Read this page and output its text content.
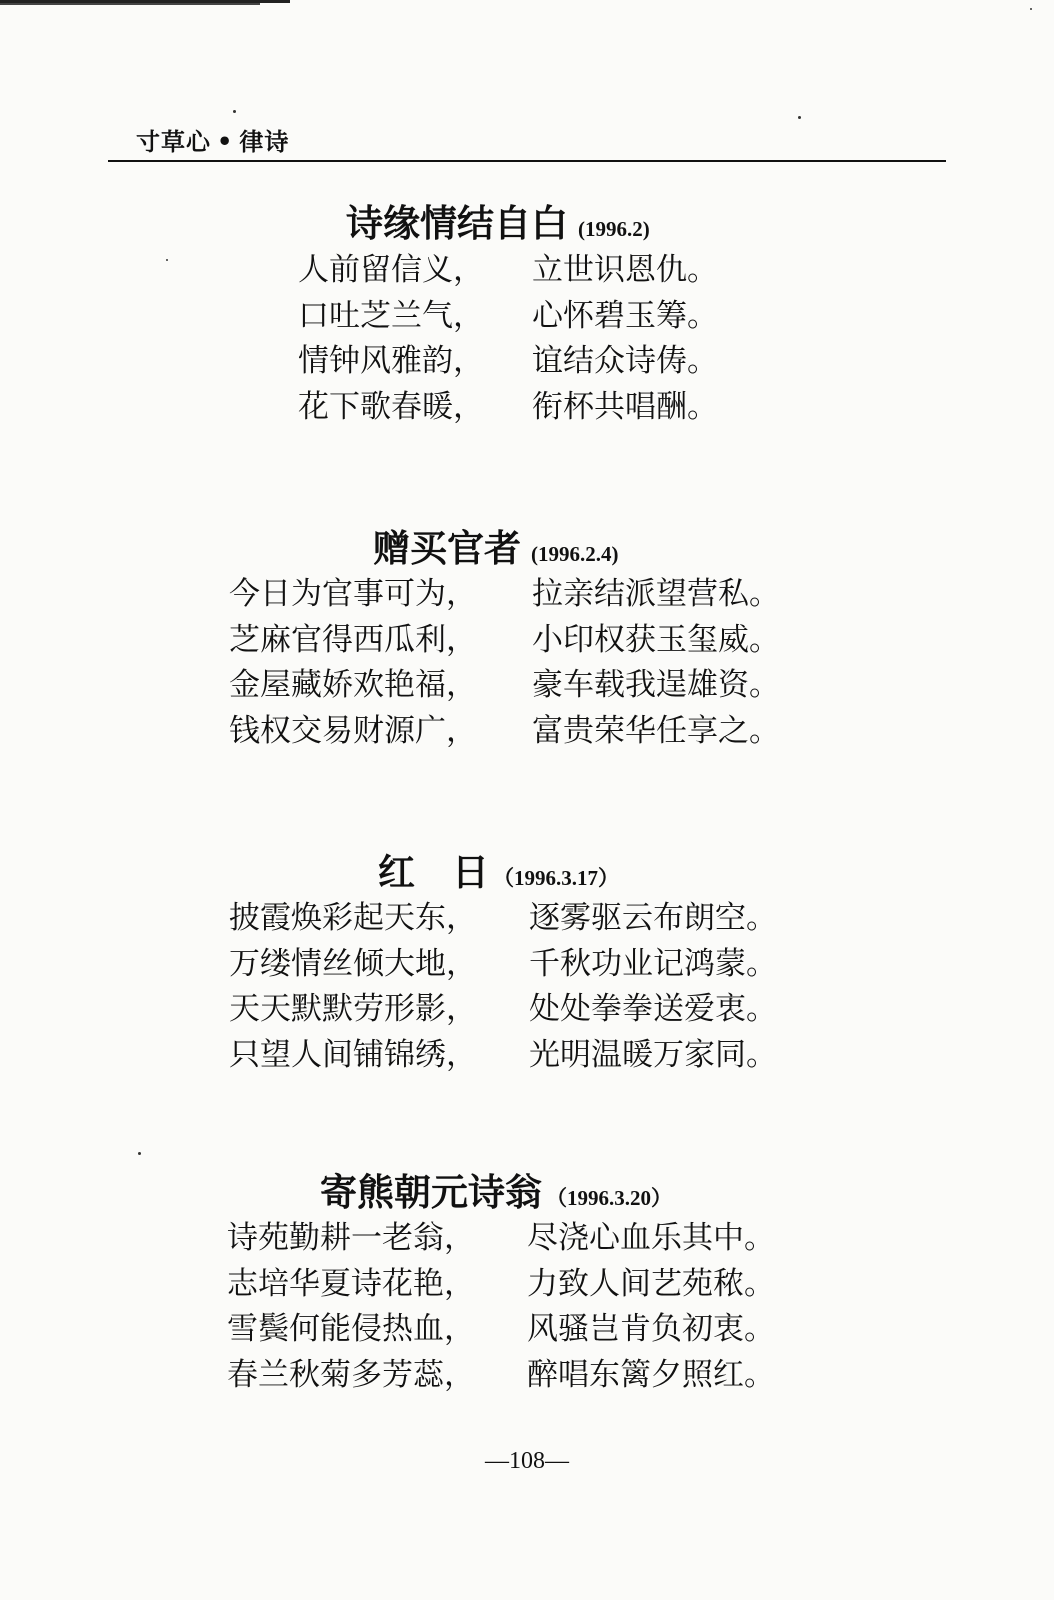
寸草心 • 律诗
诗缘情结自白 (1996.2)
人前留信义， 立世识恩仇。
口吐芝兰气， 心怀碧玉筹。
情钟风雅韵， 谊结众诗俦。
花下歌春暖， 衔杯共唱酬。
赠买官者 (1996.2.4)
今日为官事可为， 拉亲结派望营私。
芝麻官得西瓜利， 小印权获玉玺威。
金屋藏娇欢艳福， 豪车载我逞雄资。
钱权交易财源广， 富贵荣华任享之。
红　日 （1996.3.17）
披霞焕彩起天东， 逐雾驱云布朗空。
万缕情丝倾大地， 千秋功业记鸿蒙。
天天默默劳形影， 处处拳拳送爱衷。
只望人间铺锦绣， 光明温暖万家同。
寄熊朝元诗翁 （1996.3.20）
诗苑勤耕一老翁， 尽浇心血乐其中。
志培华夏诗花艳， 力致人间艺苑秾。
雪鬓何能侵热血， 风骚岂肯负初衷。
春兰秋菊多芳蕊， 醉唱东篱夕照红。
—108—
